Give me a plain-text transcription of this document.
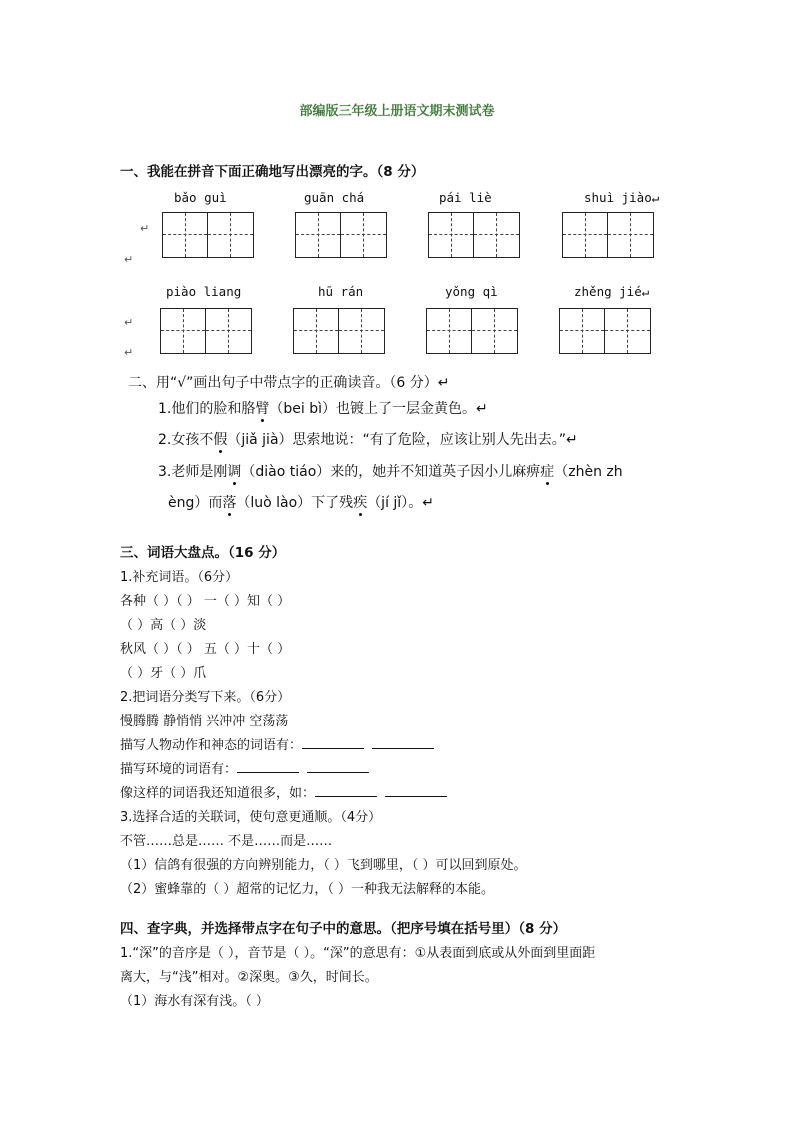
部编版三年级上册语文期末测试卷
一、我能在拼音下面正确地写出漂亮的字。（8 分）
↵
↵
↵
↵
bǎo guì	guān chá	pái liè	shuì jiào↵
piào liang	hū rán	yǒng qì	zhěng jié↵
二、用“√”画出句子中带点字的正确读音。（6 分）↵
1.他们的脸和胳臂（bei bì）也镀上了一层金黄色。↵
2.女孩不假（jiǎ jià）思索地说：“有了危险，应该让别人先出去。”↵
3.老师是刚调（diào tiáo）来的，她并不知道英子因小儿麻痹症（zhèn zh
èng）而落（luò lào）下了残疾（jí jǐ）。↵
三、词语大盘点。（16 分）
1.补充词语。（6分）
各种（ ）（ ） 一（ ）知（ ）
（ ）高（ ）淡
秋风（ ）（ ） 五（ ）十（ ）
（ ）牙（ ）爪
2.把词语分类写下来。（6分）
慢腾腾 静悄悄 兴冲冲 空荡荡
描写人物动作和神态的词语有：
描写环境的词语有：
像这样的词语我还知道很多，如：
3.选择合适的关联词，使句意更通顺。（4分）
不管……总是…… 不是……而是……
（1）信鸽有很强的方向辨别能力，（ ）飞到哪里，（ ）可以回到原处。
（2）蜜蜂靠的（ ）超常的记忆力，（ ）一种我无法解释的本能。
四、查字典，并选择带点字在句子中的意思。（把序号填在括号里）（8 分）
1.“深”的音序是（ ），音节是（ ）。“深”的意思有：①从表面到底或从外面到里面距
离大，与“浅”相对。②深奥。③久，时间长。
（1）海水有深有浅。（ ）
